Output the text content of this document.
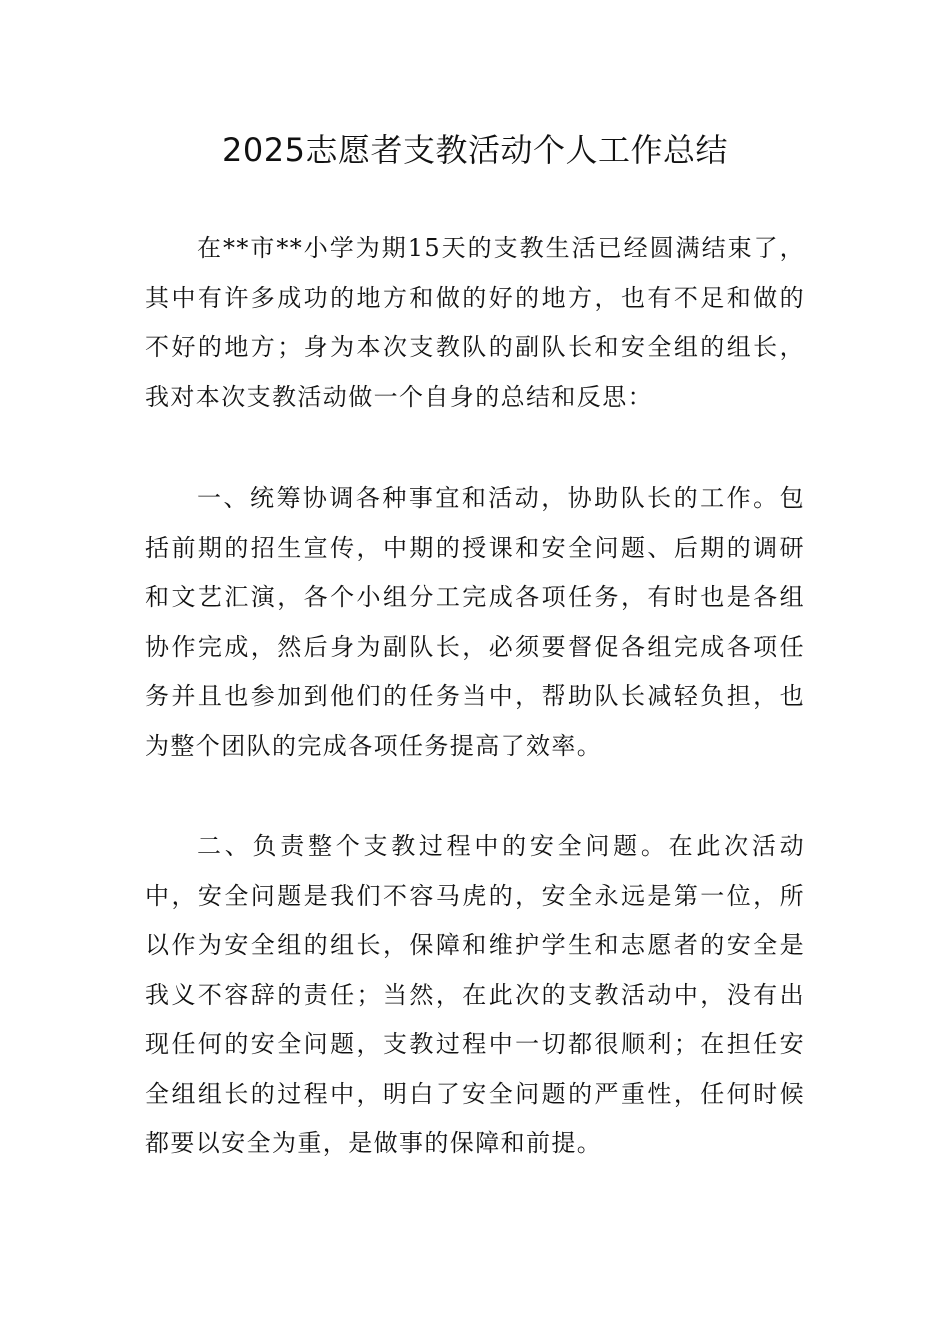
2025志愿者支教活动个人工作总结

在**市**小学为期15天的支教生活已经圆满结束了，其中有许多成功的地方和做的好的地方，也有不足和做的不好的地方；身为本次支教队的副队长和安全组的组长，我对本次支教活动做一个自身的总结和反思：

一、统筹协调各种事宜和活动，协助队长的工作。包括前期的招生宣传，中期的授课和安全问题、后期的调研和文艺汇演，各个小组分工完成各项任务，有时也是各组协作完成，然后身为副队长，必须要督促各组完成各项任务并且也参加到他们的任务当中，帮助队长减轻负担，也为整个团队的完成各项任务提高了效率。

二、负责整个支教过程中的安全问题。在此次活动中，安全问题是我们不容马虎的，安全永远是第一位，所以作为安全组的组长，保障和维护学生和志愿者的安全是我义不容辞的责任；当然，在此次的支教活动中，没有出现任何的安全问题，支教过程中一切都很顺利；在担任安全组组长的过程中，明白了安全问题的严重性，任何时候都要以安全为重，是做事的保障和前提。
